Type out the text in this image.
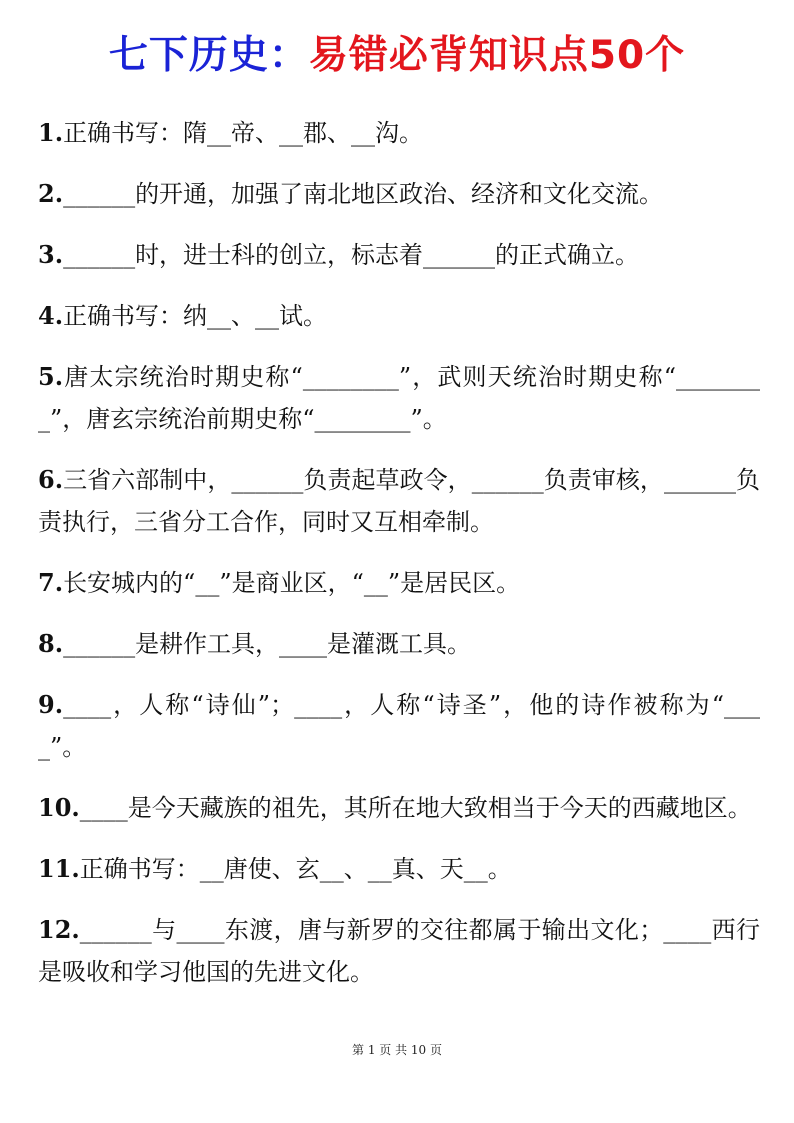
七下历史：易错必背知识点50个

1.正确书写：隋__帝、__郡、__沟。

2.______的开通，加强了南北地区政治、经济和文化交流。

3.______时，进士科的创立，标志着______的正式确立。

4.正确书写：纳__、__试。

5.唐太宗统治时期史称“________”，武则天统治时期史称“________”，唐玄宗统治前期史称“________”。

6.三省六部制中，______负责起草政令，______负责审核，______负责执行，三省分工合作，同时又互相牵制。

7.长安城内的“__”是商业区，“__”是居民区。

8.______是耕作工具，____是灌溉工具。

9.____，人称“诗仙”；____，人称“诗圣”，他的诗作被称为“____”。

10.____是今天藏族的祖先，其所在地大致相当于今天的西藏地区。

11.正确书写：__唐使、玄__、__真、天__。

12.______与____东渡，唐与新罗的交往都属于输出文化；____西行是吸收和学习他国的先进文化。

第 1 页 共 10 页
